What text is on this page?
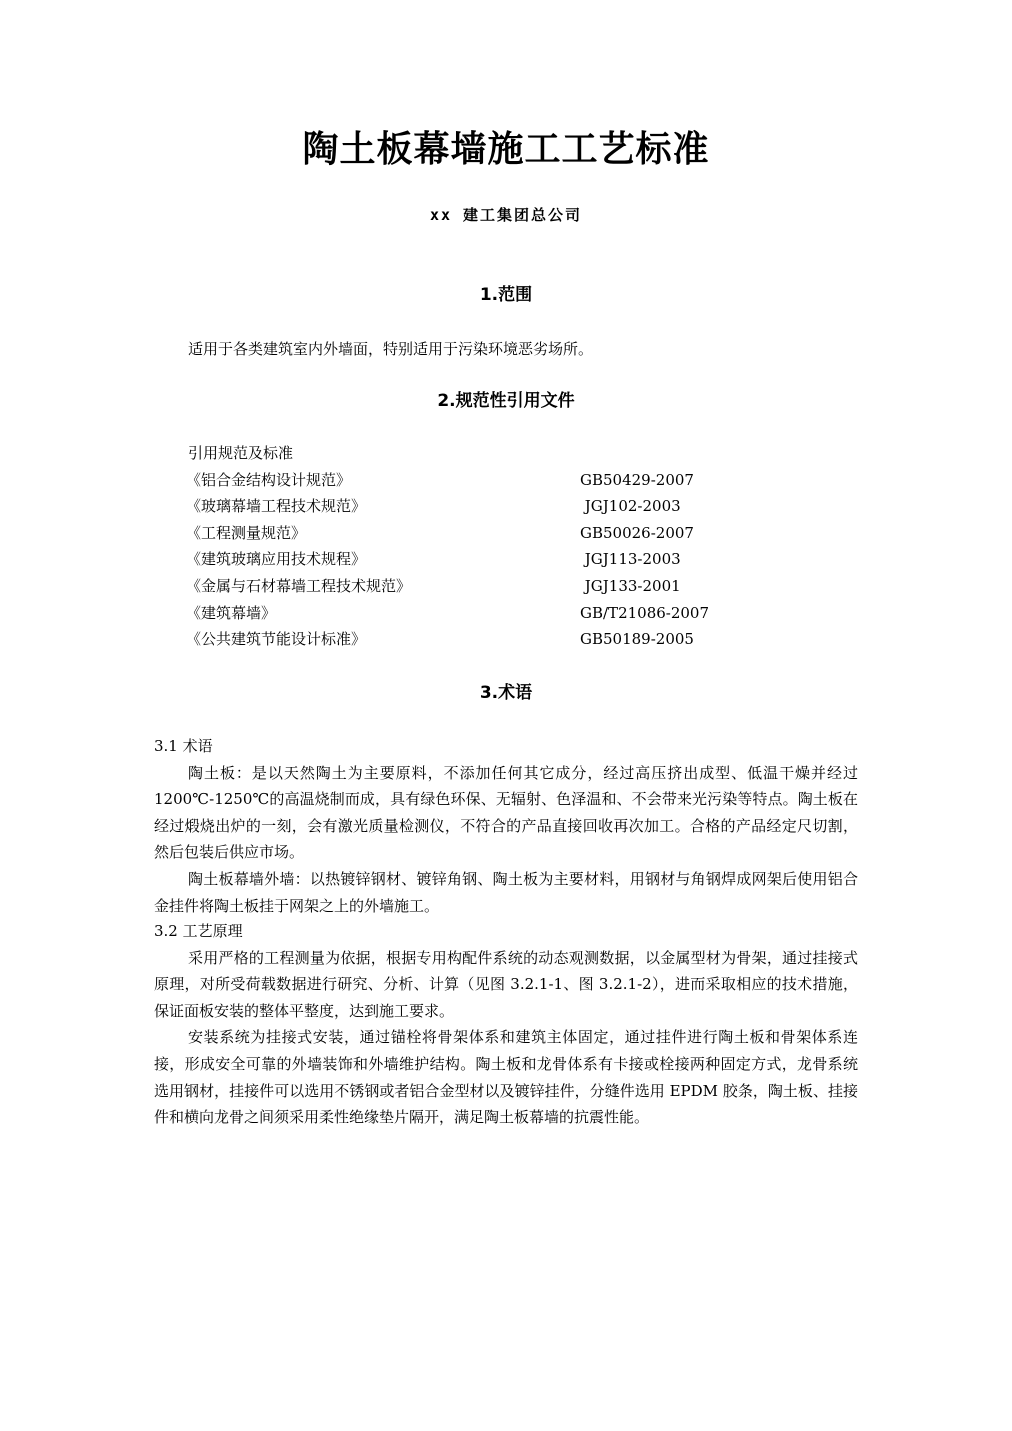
陶土板幕墙施工工艺标准
xx 建工集团总公司
1.范围
适用于各类建筑室内外墙面，特别适用于污染环境恶劣场所。
2.规范性引用文件
引用规范及标准
《铝合金结构设计规范》	GB50429-2007
《玻璃幕墙工程技术规范》	JGJ102-2003
《工程测量规范》	GB50026-2007
《建筑玻璃应用技术规程》	JGJ113-2003
《金属与石材幕墙工程技术规范》	JGJ133-2001
《建筑幕墙》	GB/T21086-2007
《公共建筑节能设计标准》	GB50189-2005
3.术语
3.1 术语
陶土板：是以天然陶土为主要原料，不添加任何其它成分，经过高压挤出成型、低温干燥并经过 1200℃-1250℃的高温烧制而成，具有绿色环保、无辐射、色泽温和、不会带来光污染等特点。陶土板在经过煅烧出炉的一刻，会有激光质量检测仪，不符合的产品直接回收再次加工。合格的产品经定尺切割，然后包装后供应市场。
陶土板幕墙外墙：以热镀锌钢材、镀锌角钢、陶土板为主要材料，用钢材与角钢焊成网架后使用铝合金挂件将陶土板挂于网架之上的外墙施工。
3.2 工艺原理
采用严格的工程测量为依据，根据专用构配件系统的动态观测数据，以金属型材为骨架，通过挂接式原理，对所受荷载数据进行研究、分析、计算（见图 3.2.1-1、图 3.2.1-2），进而采取相应的技术措施，保证面板安装的整体平整度，达到施工要求。
安装系统为挂接式安装，通过锚栓将骨架体系和建筑主体固定，通过挂件进行陶土板和骨架体系连接，形成安全可靠的外墙装饰和外墙维护结构。陶土板和龙骨体系有卡接或栓接两种固定方式，龙骨系统选用钢材，挂接件可以选用不锈钢或者铝合金型材以及镀锌挂件，分缝件选用 EPDM 胶条，陶土板、挂接件和横向龙骨之间须采用柔性绝缘垫片隔开，满足陶土板幕墙的抗震性能。
